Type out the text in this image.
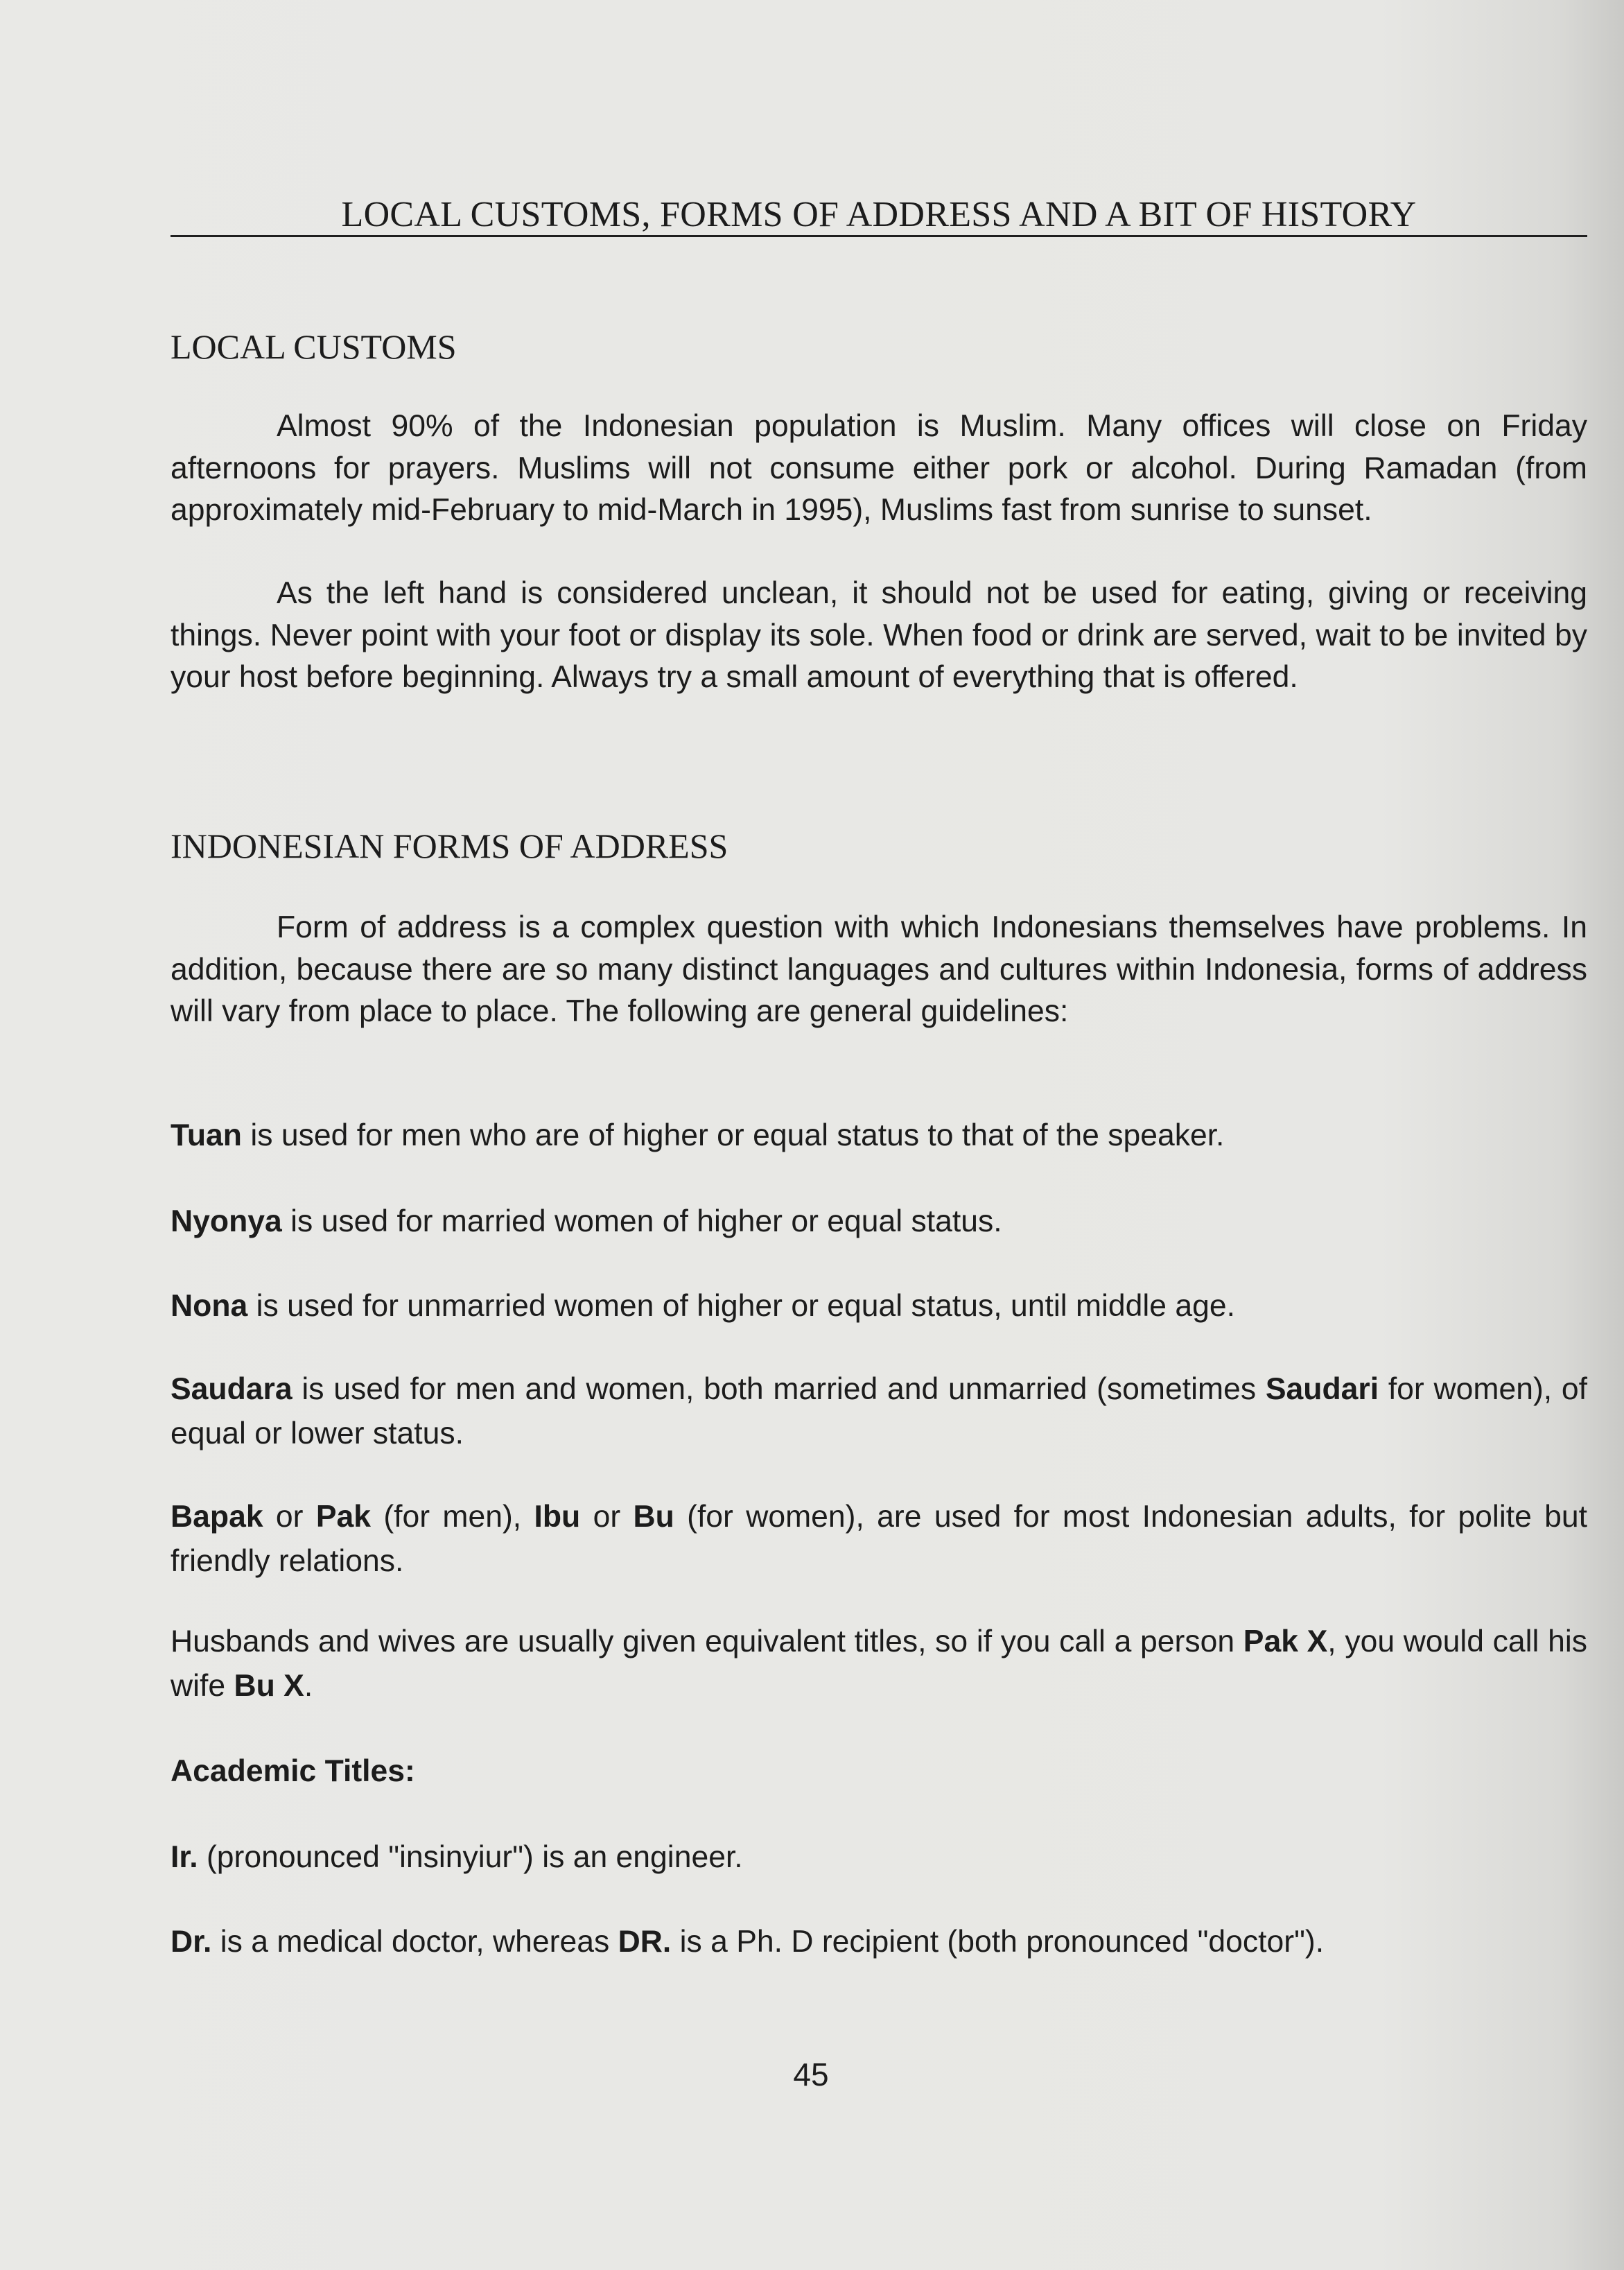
LOCAL CUSTOMS, FORMS OF ADDRESS AND A BIT OF HISTORY
LOCAL CUSTOMS

Almost 90% of the Indonesian population is Muslim. Many offices will close on Friday afternoons for prayers. Muslims will not consume either pork or alcohol. During Ramadan (from approximately mid-February to mid-March in 1995), Muslims fast from sunrise to sunset.

As the left hand is considered unclean, it should not be used for eating, giving or receiving things. Never point with your foot or display its sole. When food or drink are served, wait to be invited by your host before beginning. Always try a small amount of everything that is offered.

INDONESIAN FORMS OF ADDRESS

Form of address is a complex question with which Indonesians themselves have problems. In addition, because there are so many distinct languages and cultures within Indonesia, forms of address will vary from place to place. The following are general guidelines:

Tuan is used for men who are of higher or equal status to that of the speaker.

Nyonya is used for married women of higher or equal status.

Nona is used for unmarried women of higher or equal status, until middle age.

Saudara is used for men and women, both married and unmarried (sometimes Saudari for women), of equal or lower status.

Bapak or Pak (for men), Ibu or Bu (for women), are used for most Indonesian adults, for polite but friendly relations.

Husbands and wives are usually given equivalent titles, so if you call a person Pak X, you would call his wife Bu X.

Academic Titles:

Ir. (pronounced "insinyiur") is an engineer.

Dr. is a medical doctor, whereas DR. is a Ph. D recipient (both pronounced "doctor").

45
